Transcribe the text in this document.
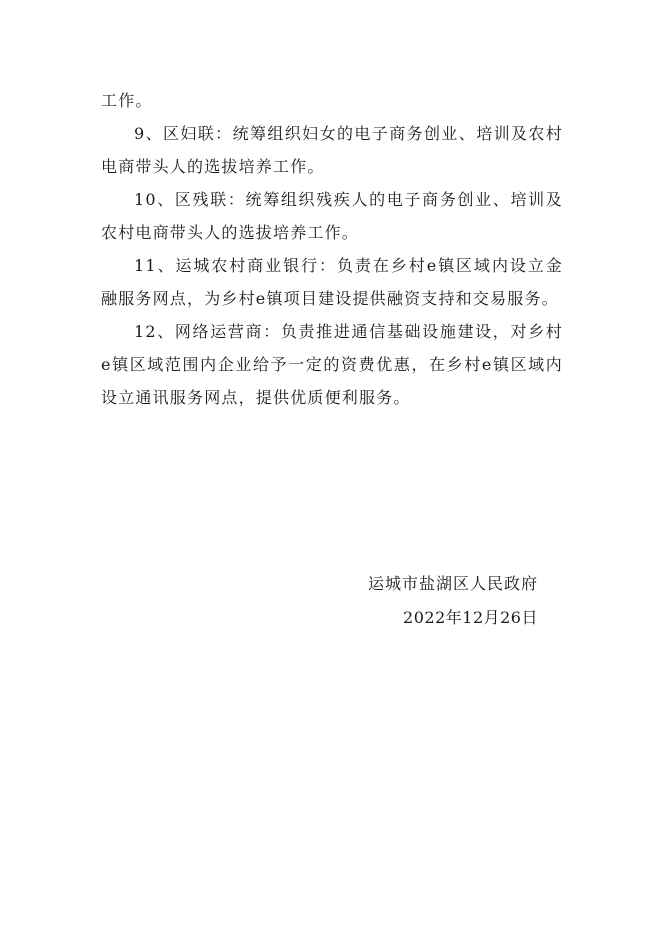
工作。

9、区妇联：统筹组织妇女的电子商务创业、培训及农村电商带头人的选拔培养工作。

10、区残联：统筹组织残疾人的电子商务创业、培训及农村电商带头人的选拔培养工作。

11、运城农村商业银行：负责在乡村e镇区域内设立金融服务网点，为乡村e镇项目建设提供融资支持和交易服务。

12、网络运营商：负责推进通信基础设施建设，对乡村e镇区域范围内企业给予一定的资费优惠，在乡村e镇区域内设立通讯服务网点，提供优质便利服务。

运城市盐湖区人民政府
2022年12月26日
